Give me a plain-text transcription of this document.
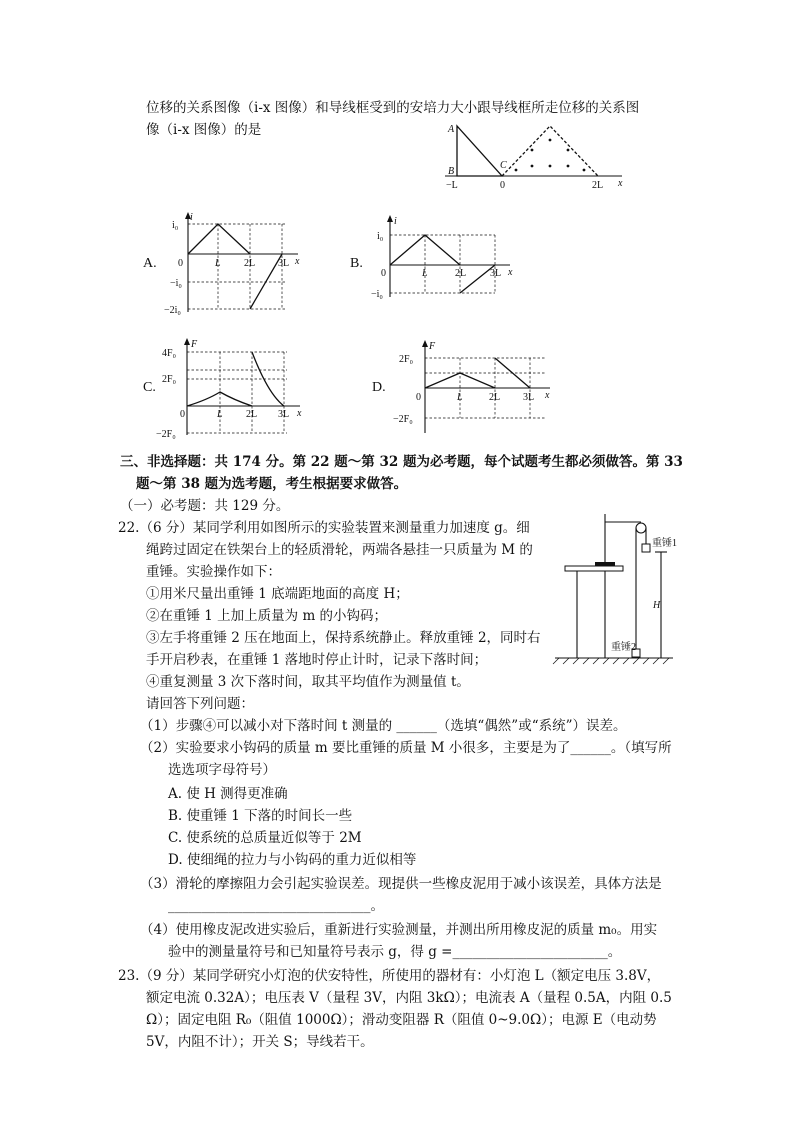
位移的关系图像（i-x 图像）和导线框受到的安培力大小跟导线框所走位移的关系图
像（i-x 图像）的是	A
B
C
−L	0	2L x
A.	B.
C.	D.
i
i₀
−i₀
−2i₀
0	L 2L 3L x
i
i₀
−i₀
0	L	2L 3L x
F
4F₀
2F₀
−2F₀
0	L 2L 3L x
F
2F₀
−2F₀
0	L	2L 3L x
三、非选择题：共 174 分。第 22 题～第 32 题为必考题，每个试题考生都必须做答。第 33
题～第 38 题为选考题，考生根据要求做答。
（一）必考题：共 129 分。
22.（6 分）某同学利用如图所示的实验装置来测量重力加速度 g。细
绳跨过固定在铁架台上的轻质滑轮，两端各悬挂一只质量为 M 的
重锤。实验操作如下：
①用米尺量出重锤 1 底端距地面的高度 H；
②在重锤 1 上加上质量为 m 的小钩码；
③左手将重锤 2 压在地面上，保持系统静止。释放重锤 2，同时右
手开启秒表，在重锤 1 落地时停止计时，记录下落时间；
④重复测量 3 次下落时间，取其平均值作为测量值 t。
请回答下列问题：
（1）步骤④可以减小对下落时间 t 测量的 ______（选填“偶然”或“系统”）误差。
（2）实验要求小钩码的质量 m 要比重锤的质量 M 小很多，主要是为了______。（填写所
选选项字母符号）
A. 使 H 测得更准确
B. 使重锤 1 下落的时间长一些
C. 使系统的总质量近似等于 2M
D. 使细绳的拉力与小钩码的重力近似相等
（3）滑轮的摩擦阻力会引起实验误差。现提供一些橡皮泥用于减小该误差，具体方法是
______________________________。
（4）使用橡皮泥改进实验后，重新进行实验测量，并测出所用橡皮泥的质量 m₀。用实
验中的测量量符号和已知量符号表示 g，得 g =_______________________。
重锤1
重锤2
H
23.（9 分）某同学研究小灯泡的伏安特性，所使用的器材有：小灯泡 L（额定电压 3.8V，
额定电流 0.32A）；电压表 V（量程 3V，内阻 3kΩ）；电流表 A（量程 0.5A，内阻 0.5
Ω）；固定电阻 R₀（阻值 1000Ω）；滑动变阻器 R（阻值 0~9.0Ω）；电源 E（电动势
5V，内阻不计）；开关 S；导线若干。
